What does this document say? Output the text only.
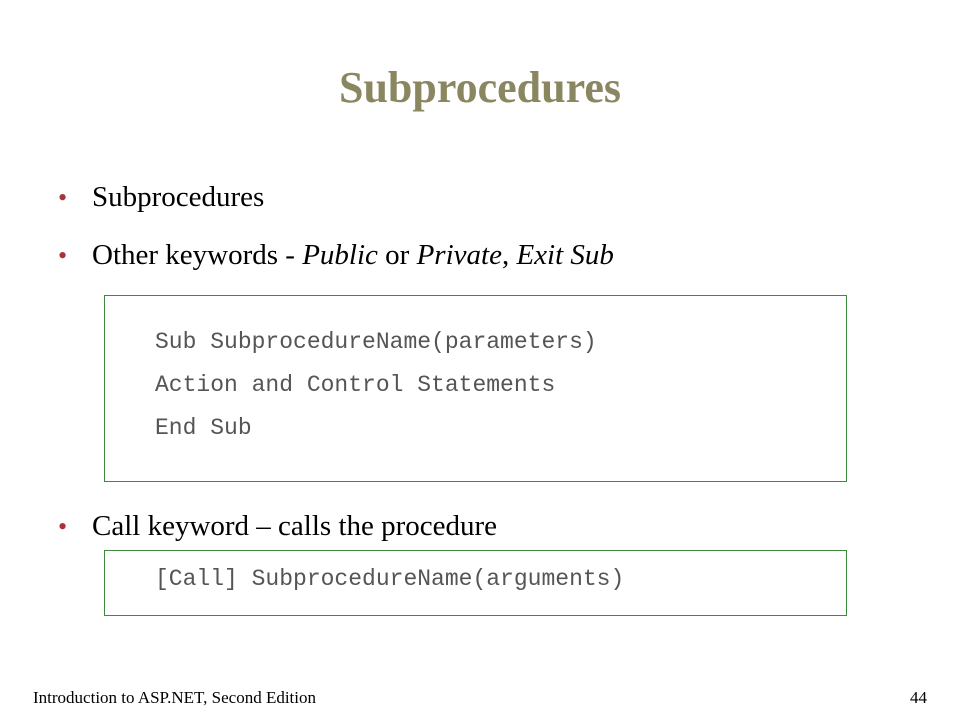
Subprocedures
• Subprocedures
• Other keywords - Public or Private, Exit Sub
Sub SubprocedureName(parameters)
Action and Control Statements
End Sub
• Call keyword – calls the procedure
[Call] SubprocedureName(arguments)
Introduction to ASP.NET, Second Edition	44
